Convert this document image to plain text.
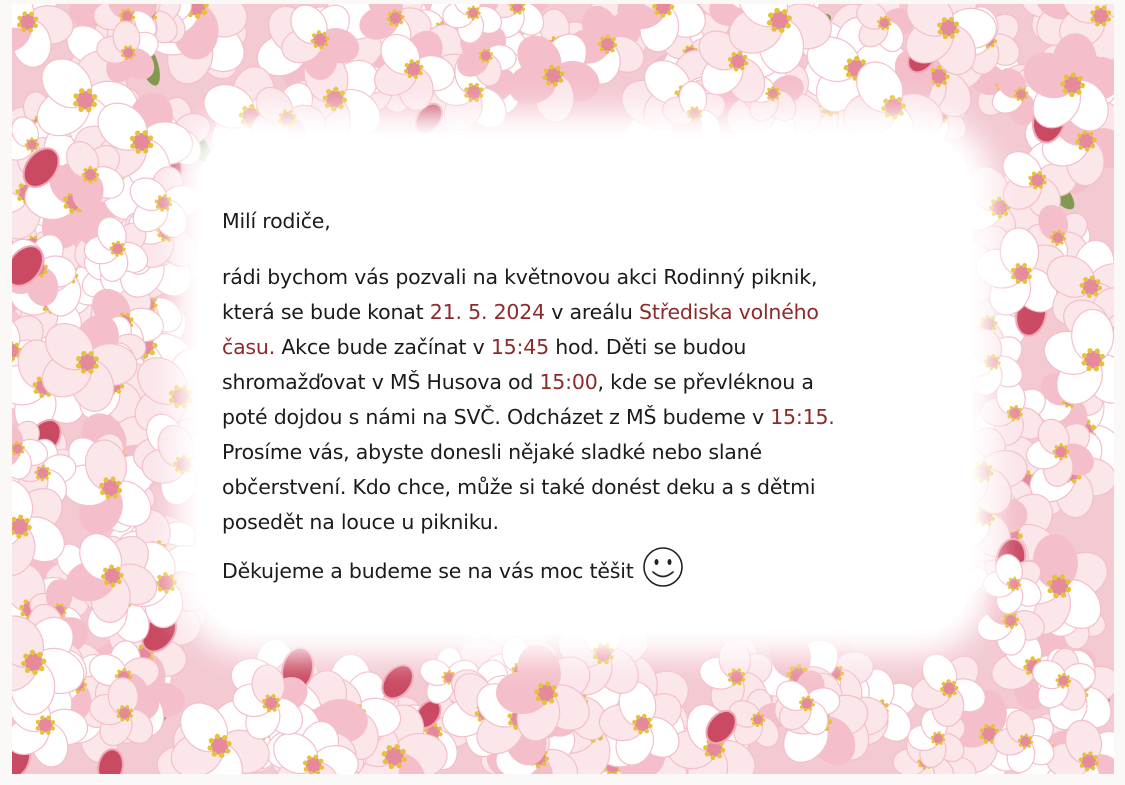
Milí rodiče,
rádi bychom vás pozvali na květnovou akci Rodinný piknik,
která se bude konat 21. 5. 2024 v areálu Střediska volného
času. Akce bude začínat v 15:45 hod. Děti se budou
shromažďovat v MŠ Husova od 15:00, kde se převléknou a
poté dojdou s námi na SVČ. Odcházet z MŠ budeme v 15:15.
Prosíme vás, abyste donesli nějaké sladké nebo slané
občerstvení. Kdo chce, může si také donést deku a s dětmi
posedět na louce u pikniku.
Děkujeme a budeme se na vás moc těšit
